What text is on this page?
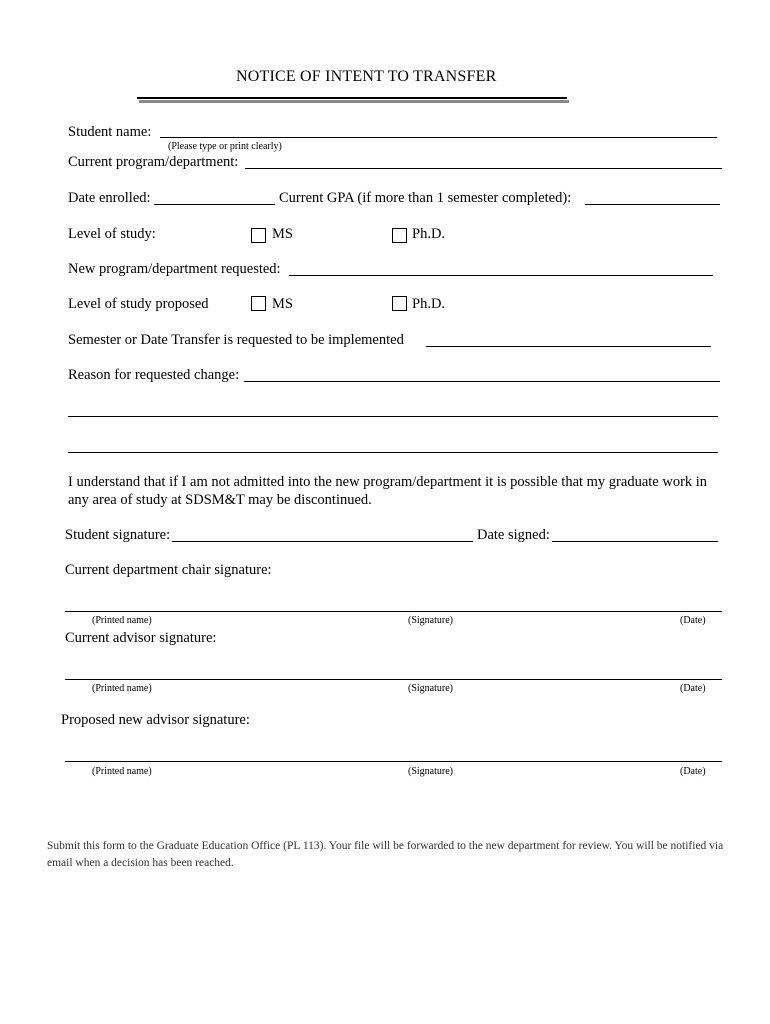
NOTICE OF INTENT TO TRANSFER
Student name:
(Please type or print clearly)
Current program/department:
Date enrolled:	Current GPA (if more than 1 semester completed):
Level of study:	MS	Ph.D.
New program/department requested:
Level of study proposed	MS	Ph.D.
Semester or Date Transfer is requested to be implemented
Reason for requested change:
I understand that if I am not admitted into the new program/department it is possible that my graduate work in any area of study at SDSM&T may be discontinued.
Student signature:	Date signed:
Current department chair signature:
(Printed name)	(Signature)	(Date)
Current advisor signature:
(Printed name)	(Signature)	(Date)
Proposed new advisor signature:
(Printed name)	(Signature)	(Date)
Submit this form to the Graduate Education Office (PL 113). Your file will be forwarded to the new department for review. You will be notified via email when a decision has been reached.
